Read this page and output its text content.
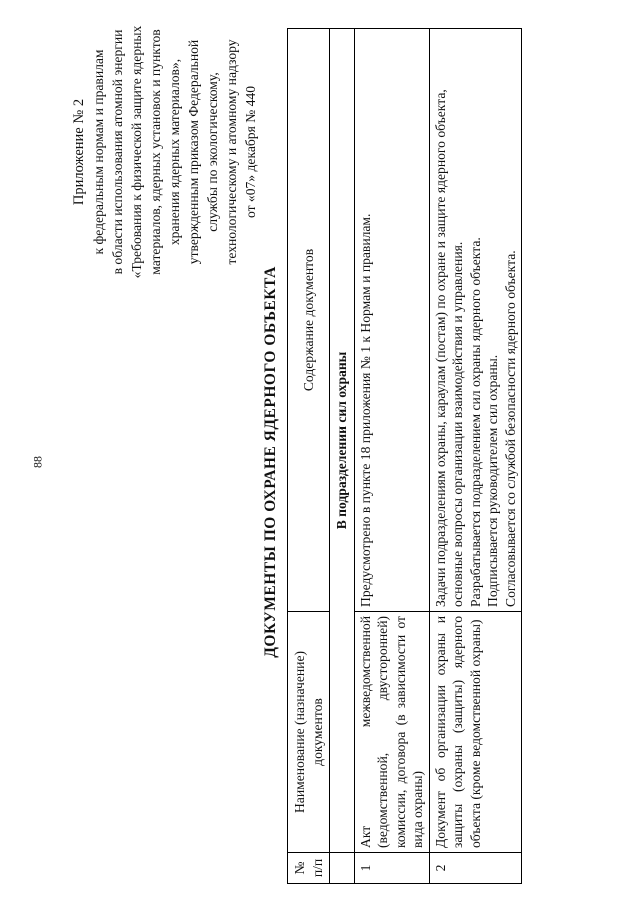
88
Приложение № 2 к федеральным нормам и правилам в области использования атомной энергии «Требования к физической защите ядерных материалов, ядерных установок и пунктов хранения ядерных материалов», утвержденным приказом Федеральной службы по экологическому, технологическому и атомному надзору от «07» декабря № 440
ДОКУМЕНТЫ ПО ОХРАНЕ ЯДЕРНОГО ОБЪЕКТА
№ п/п	Наименование (назначение) документов	Содержание документов
	В подразделении сил охраны	
1	Акт межведомственной (ведомственной, двусторонней) комиссии, договора (в зависимости от вида охраны)	Предусмотрено в пункте 18 приложения № 1 к Нормам и правилам.

2	Документ об организации охраны и защиты (охраны (защиты) ядерного объекта (кроме ведомственной охраны)	Задачи подразделениям охраны, караулам (постам) по охране и защите ядерного объекта, основные вопросы организации взаимодействия и управления. Разрабатывается подразделением сил охраны ядерного объекта. Подписывается руководителем сил охраны. Согласовывается со службой безопасности ядерного объекта.
